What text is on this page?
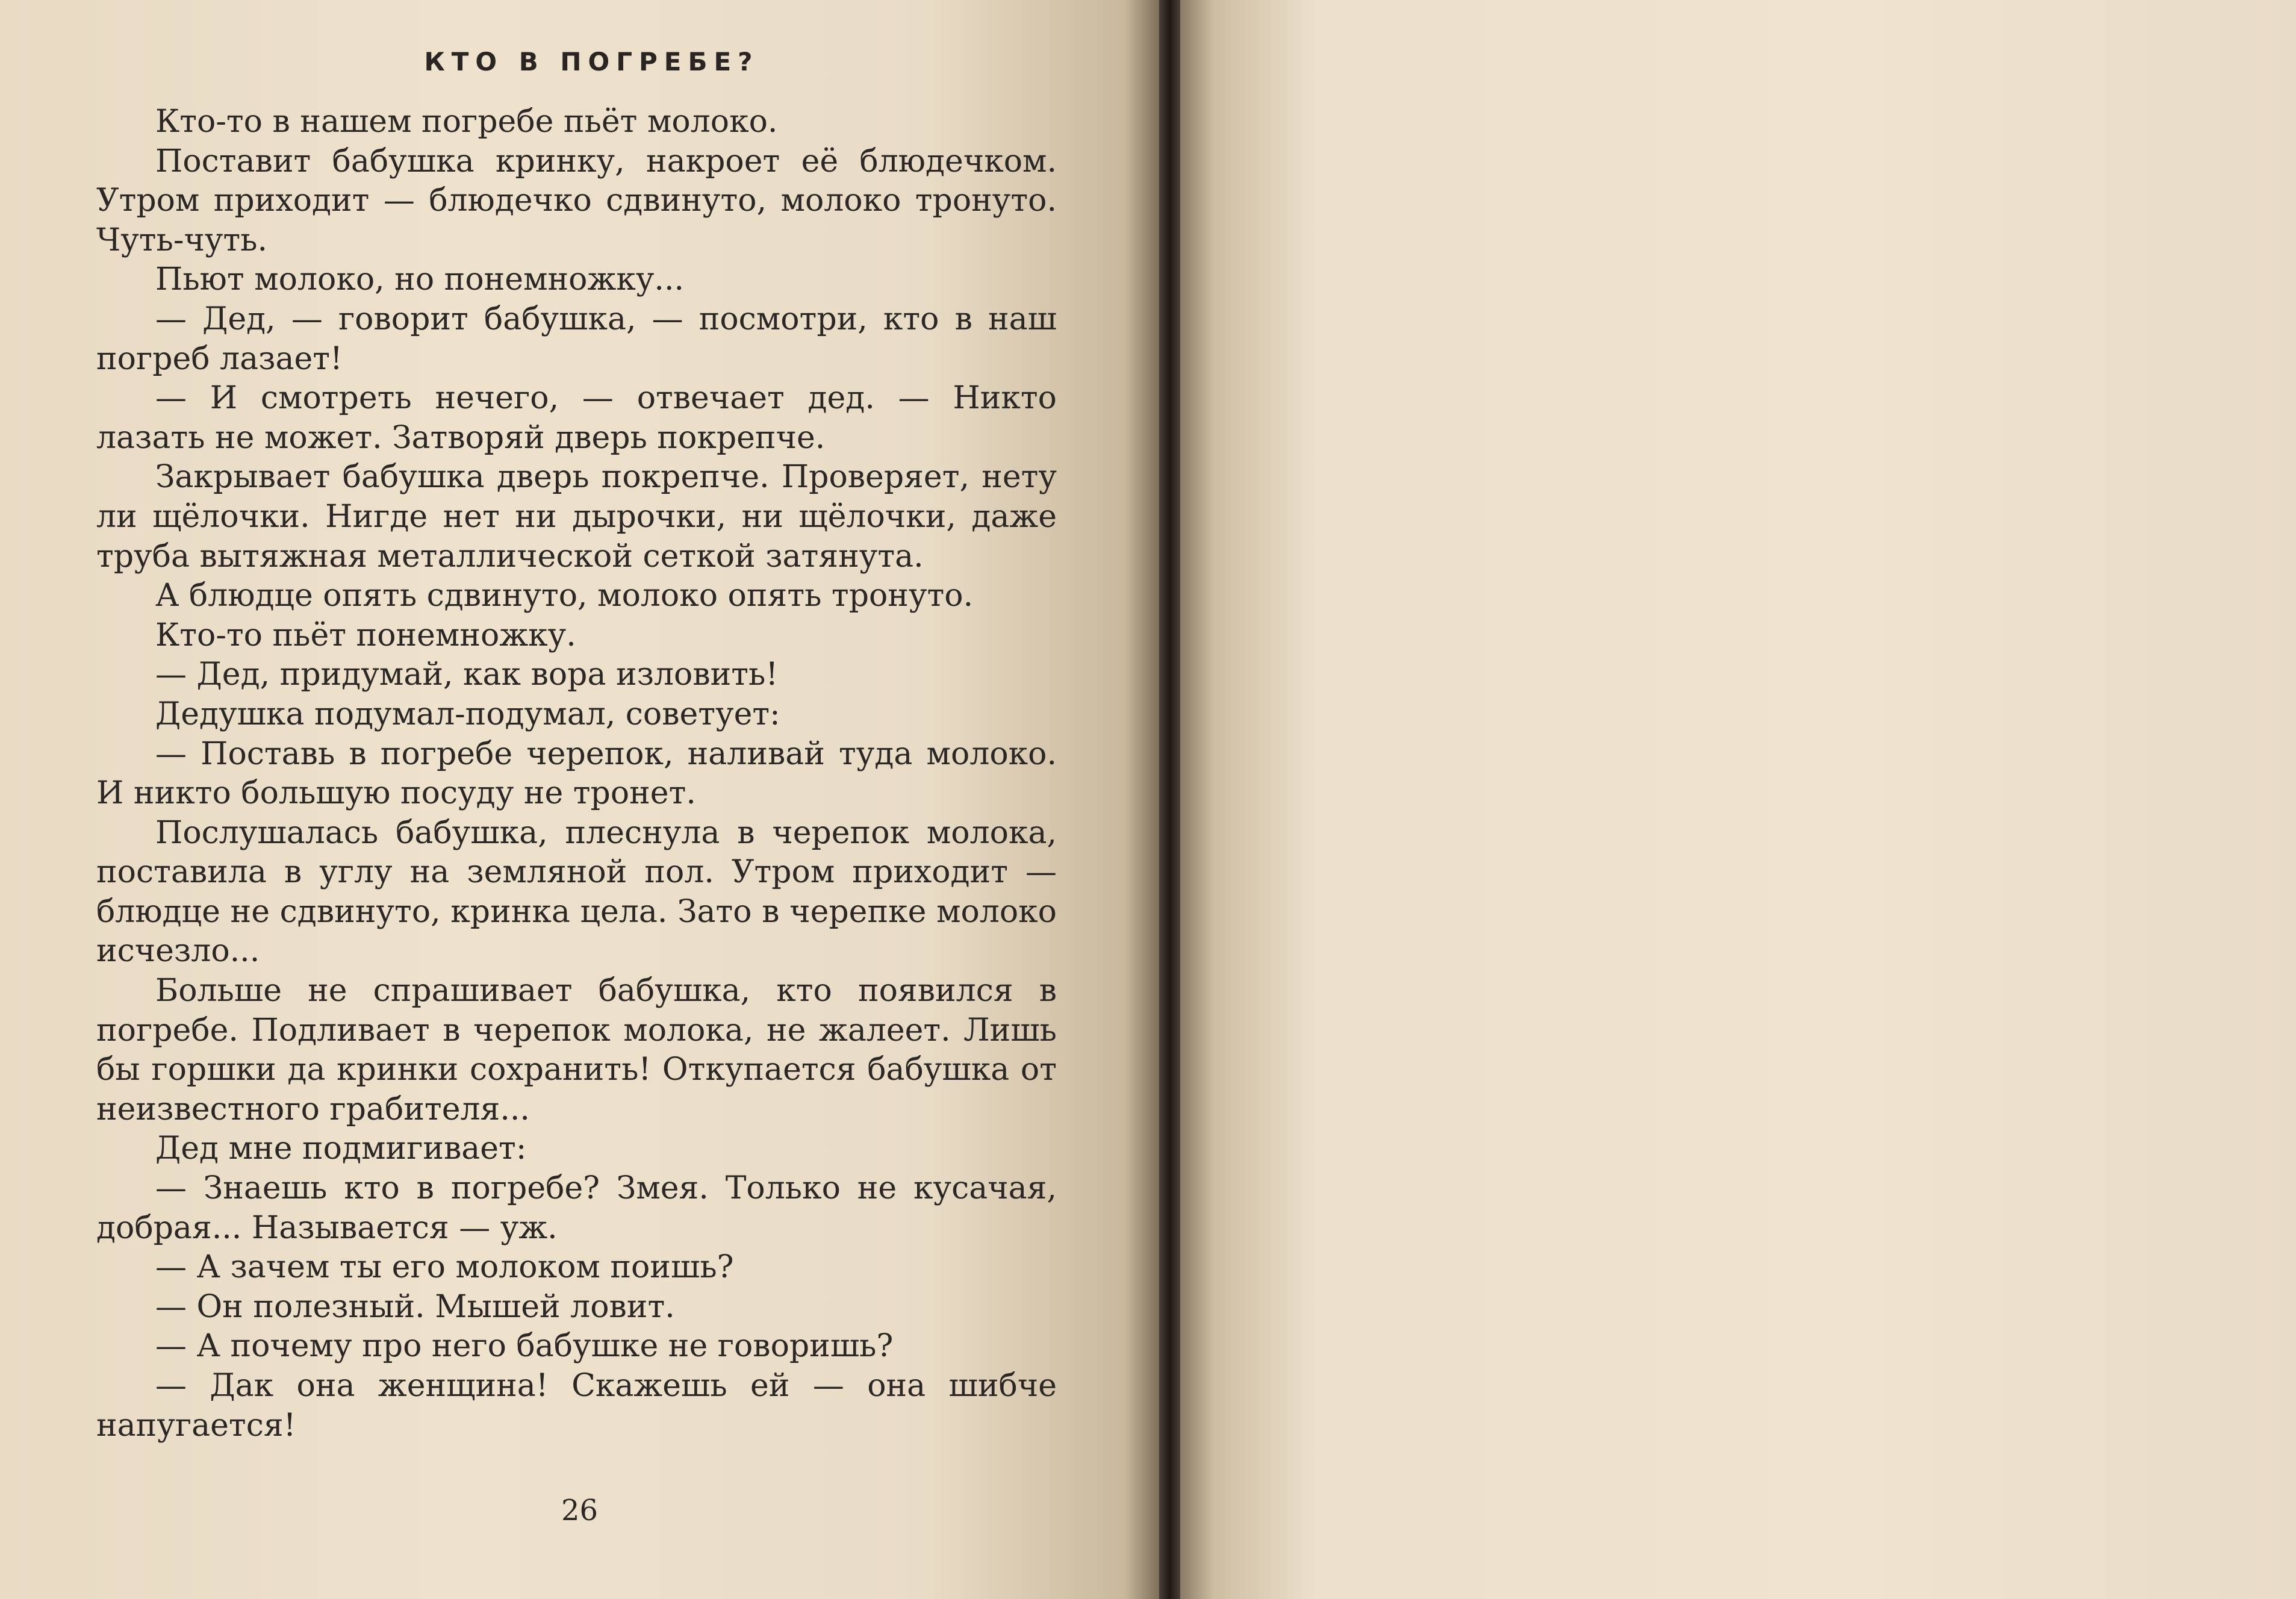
КТО В ПОГРЕБЕ?

Кто-то в нашем погребе пьёт молоко.

Поставит бабушка кринку, накроет её блюдечком. Утром приходит — блюдечко сдвинуто, молоко тронуто. Чуть-чуть.

Пьют молоко, но понемножку...

— Дед, — говорит бабушка, — посмотри, кто в наш погреб лазает!

— И смотреть нечего, — отвечает дед. — Никто лазать не может. Затворяй дверь покрепче.

Закрывает бабушка дверь покрепче. Проверяет, нету ли щёлочки. Нигде нет ни дырочки, ни щёлочки, даже труба вытяжная металлической сеткой затянута.

А блюдце опять сдвинуто, молоко опять тронуто.

Кто-то пьёт понемножку.

— Дед, придумай, как вора изловить!

Дедушка подумал-подумал, советует:

— Поставь в погребе черепок, наливай туда молоко. И никто большую посуду не тронет.

Послушалась бабушка, плеснула в черепок молока, поставила в углу на земляной пол. Утром приходит — блюдце не сдвинуто, кринка цела. Зато в черепке молоко исчезло...

Больше не спрашивает бабушка, кто появился в погребе. Подливает в черепок молока, не жалеет. Лишь бы горшки да кринки сохранить! Откупается бабушка от неизвестного грабителя...

Дед мне подмигивает:

— Знаешь кто в погребе? Змея. Только не кусачая, добрая... Называется — уж.

— А зачем ты его молоком поишь?

— Он полезный. Мышей ловит.

— А почему про него бабушке не говоришь?

— Дак она женщина! Скажешь ей — она шибче напугается!

26
